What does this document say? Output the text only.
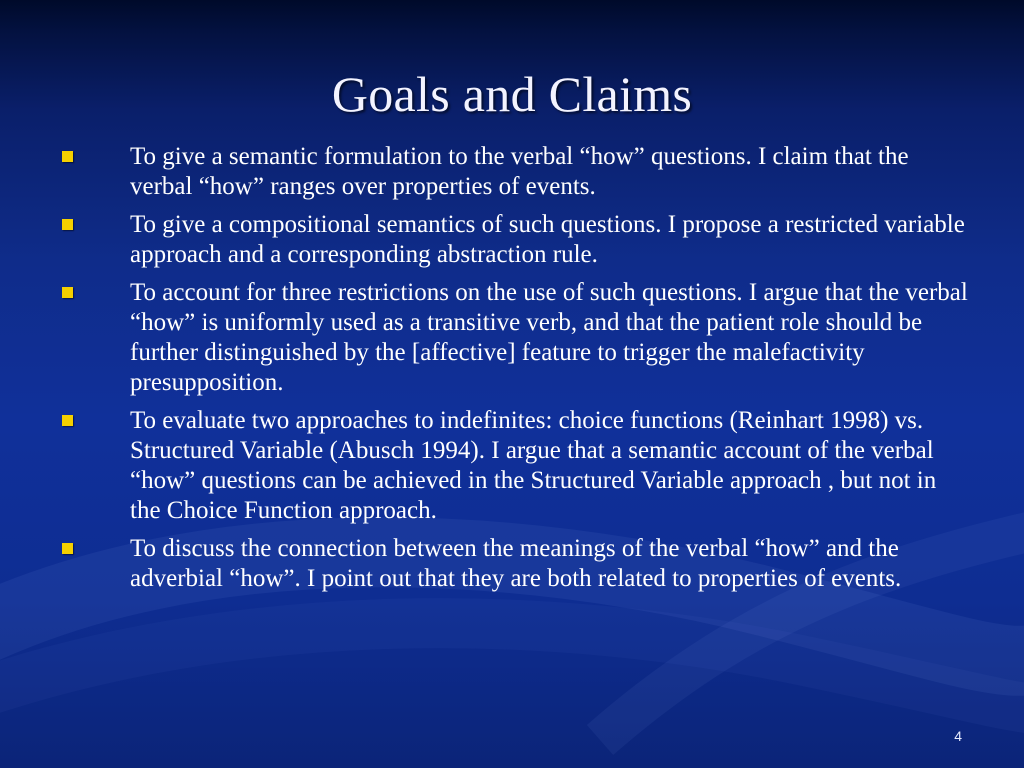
Goals and Claims
To give a semantic formulation to the verbal “how” questions. I claim that the verbal “how” ranges over properties of events.
To give a compositional semantics of such questions. I propose a restricted variable approach and a corresponding abstraction rule.
To account for three restrictions on the use of such questions. I argue that the verbal “how” is uniformly used as a transitive verb, and that the patient role should be further distinguished by the [affective] feature to trigger the malefactivity presupposition.
To evaluate two approaches to indefinites: choice functions (Reinhart 1998) vs. Structured Variable (Abusch 1994). I argue that a semantic account of the verbal “how” questions can be achieved in the Structured Variable approach , but not in the Choice Function approach.
To discuss the connection between the meanings of the verbal “how” and the adverbial “how”. I point out that they are both related to properties of events.
4
